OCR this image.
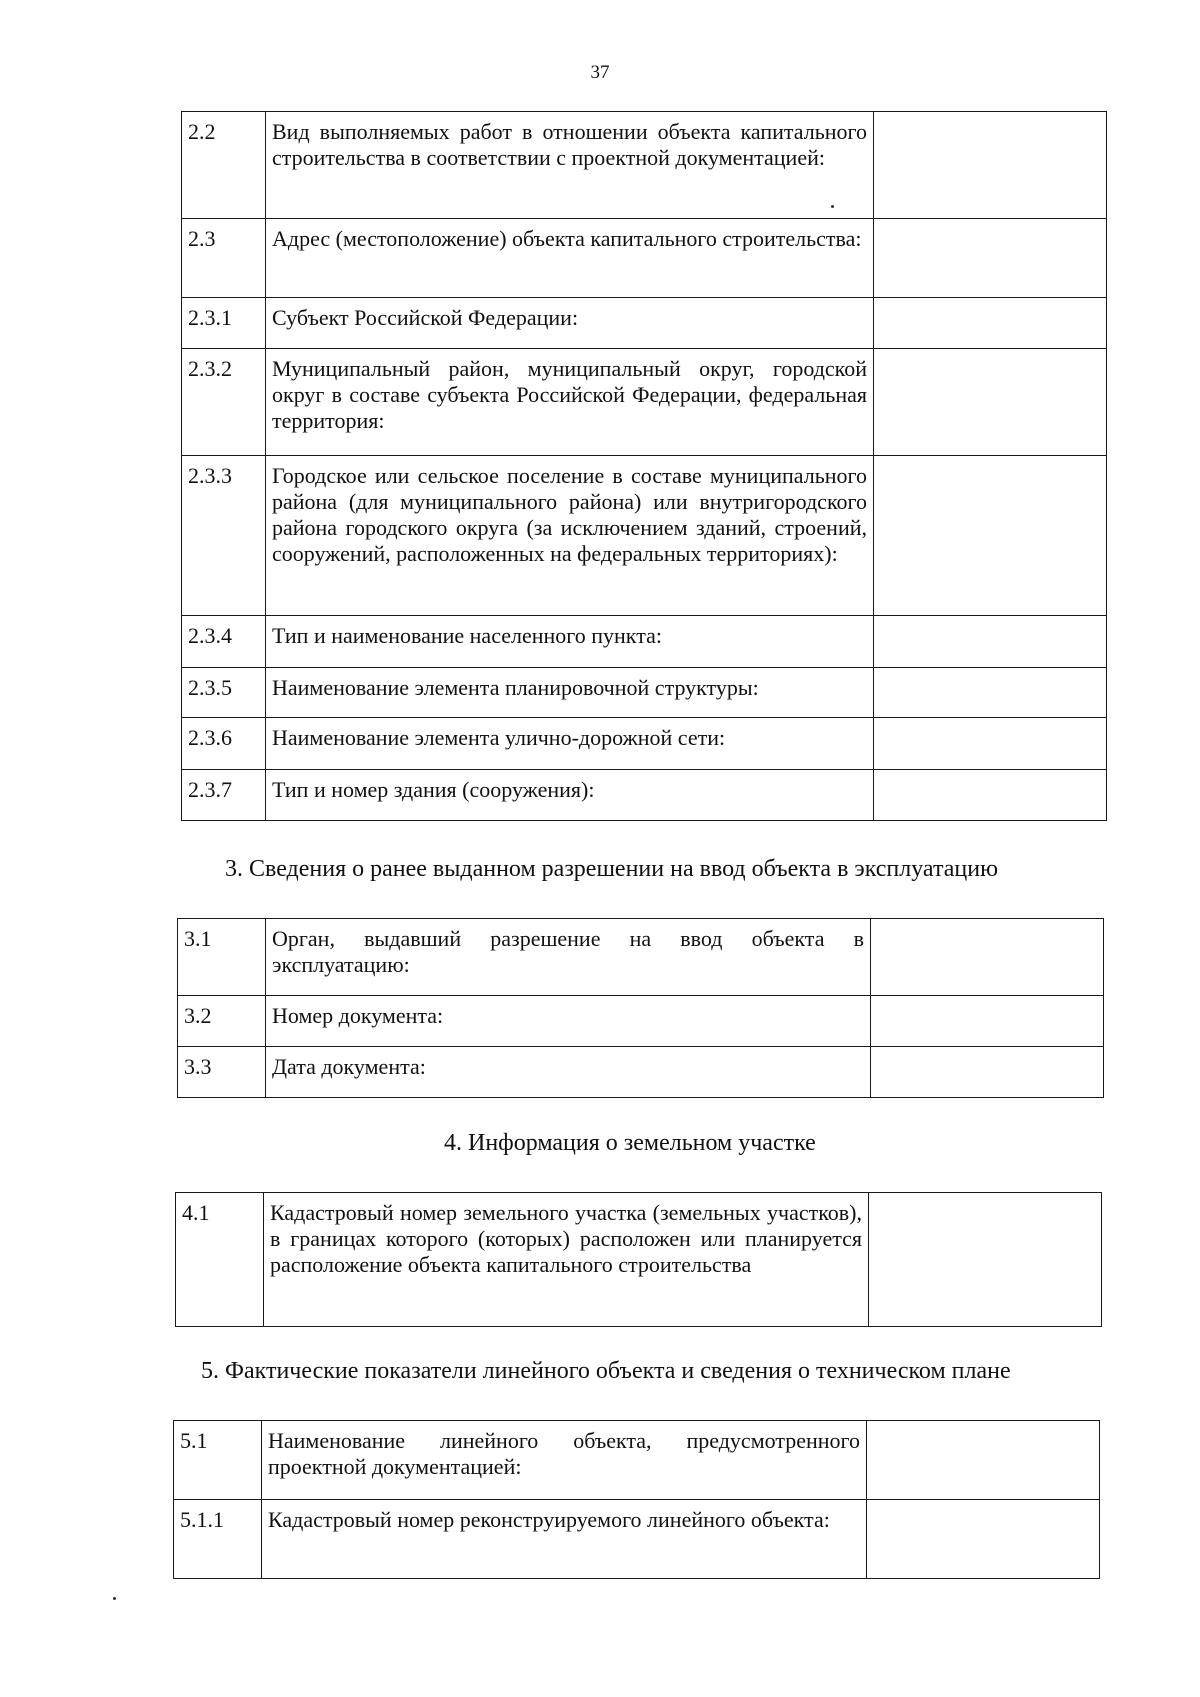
37
2.2	Вид выполняемых работ в отношении объекта капитального строительства в соответствии с проектной документацией:	
2.3	Адрес (местоположение) объекта капитального строительства:	
2.3.1	Субъект Российской Федерации:	
2.3.2	Муниципальный район, муниципальный округ, городской округ в составе субъекта Российской Федерации, федеральная территория:	
2.3.3	Городское или сельское поселение в составе муниципального района (для муниципального района) или внутригородского района городского округа (за исключением зданий, строений, сооружений, расположенных на федеральных территориях):	
2.3.4	Тип и наименование населенного пункта:	
2.3.5	Наименование элемента планировочной структуры:	
2.3.6	Наименование элемента улично-дорожной сети:	
2.3.7	Тип и номер здания (сооружения):	
3. Сведения о ранее выданном разрешении на ввод объекта в эксплуатацию
3.1	Орган, выдавший разрешение на ввод объекта в эксплуатацию:	
3.2	Номер документа:	
3.3	Дата документа:	
4. Информация о земельном участке
4.1	Кадастровый номер земельного участка (земельных участков), в границах которого (которых) расположен или планируется расположение объекта капитального строительства	
5. Фактические показатели линейного объекта и сведения о техническом плане
5.1	Наименование линейного объекта, предусмотренного проектной документацией:	
5.1.1	Кадастровый номер реконструируемого линейного объекта:	
